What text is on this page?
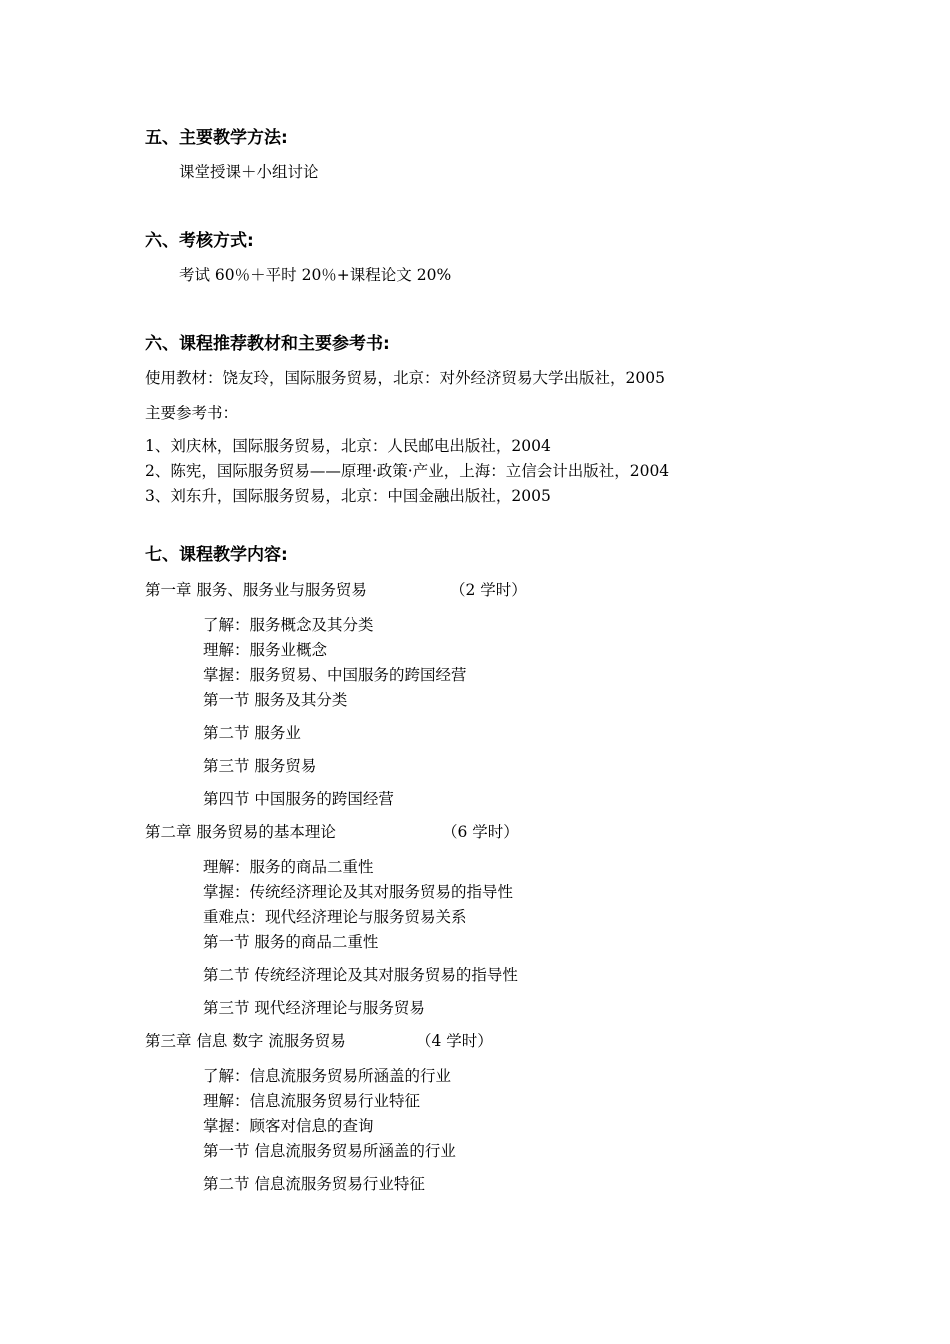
五、主要教学方法:
课堂授课＋小组讨论
六、考核方式:
考试 60％＋平时 20％+课程论文 20%
六、课程推荐教材和主要参考书:
使用教材：饶友玲，国际服务贸易，北京：对外经济贸易大学出版社，2005
主要参考书：
1、刘庆林，国际服务贸易，北京：人民邮电出版社，2004
2、陈宪，国际服务贸易——原理·政策·产业，上海：立信会计出版社，2004
3、刘东升，国际服务贸易，北京：中国金融出版社，2005
七、课程教学内容:
第一章 服务、服务业与服务贸易	（2 学时）
了解：服务概念及其分类
理解：服务业概念
掌握：服务贸易、中国服务的跨国经营
第一节 服务及其分类
第二节 服务业
第三节 服务贸易
第四节 中国服务的跨国经营
第二章 服务贸易的基本理论	（6 学时）
理解：服务的商品二重性
掌握：传统经济理论及其对服务贸易的指导性
重难点：现代经济理论与服务贸易关系
第一节 服务的商品二重性
第二节 传统经济理论及其对服务贸易的指导性
第三节 现代经济理论与服务贸易
第三章 信息 数字 流服务贸易	（4 学时）
了解：信息流服务贸易所涵盖的行业
理解：信息流服务贸易行业特征
掌握：顾客对信息的查询
第一节 信息流服务贸易所涵盖的行业
第二节 信息流服务贸易行业特征
